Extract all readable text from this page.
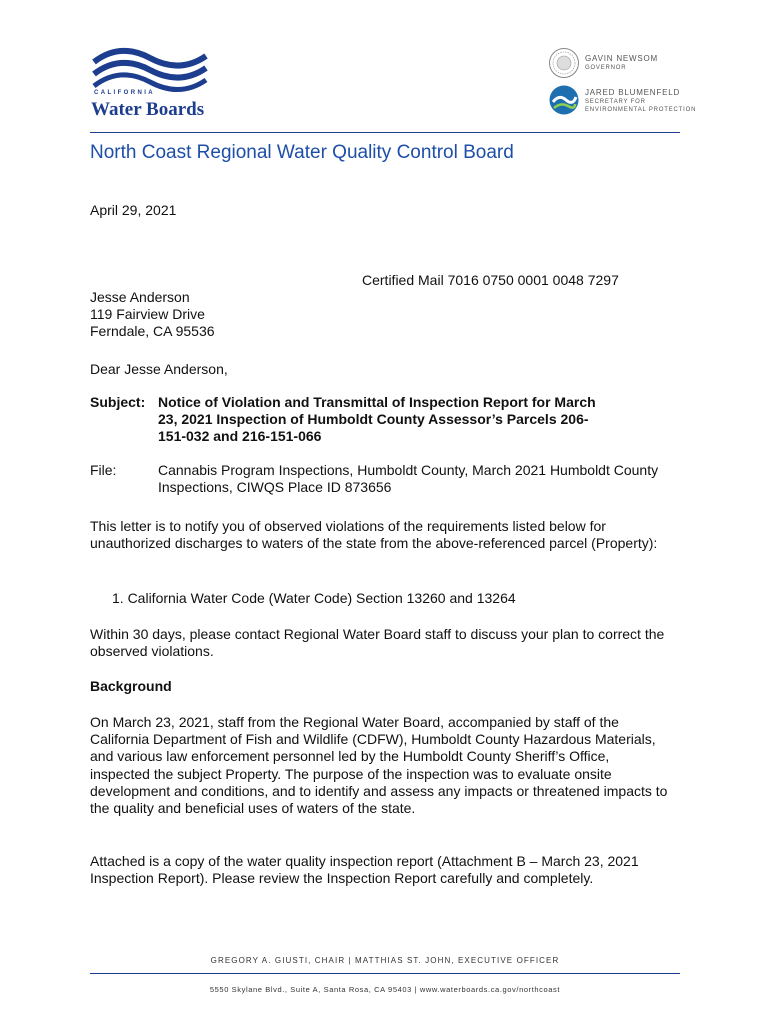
CALIFORNIA
Water Boards
GAVIN NEWSOM
GOVERNOR
JARED BLUMENFELD
SECRETARY FOR
ENVIRONMENTAL PROTECTION
North Coast Regional Water Quality Control Board
April 29, 2021
Certified Mail 7016 0750 0001 0048 7297
Jesse Anderson
119 Fairview Drive
Ferndale, CA 95536
Dear Jesse Anderson,
Subject: Notice of Violation and Transmittal of Inspection Report for March 23, 2021 Inspection of Humboldt County Assessor’s Parcels 206-151-032 and 216-151-066
File:	Cannabis Program Inspections, Humboldt County, March 2021 Humboldt County Inspections, CIWQS Place ID 873656
This letter is to notify you of observed violations of the requirements listed below for unauthorized discharges to waters of the state from the above-referenced parcel (Property):
1. California Water Code (Water Code) Section 13260 and 13264
Within 30 days, please contact Regional Water Board staff to discuss your plan to correct the observed violations.
Background
On March 23, 2021, staff from the Regional Water Board, accompanied by staff of the California Department of Fish and Wildlife (CDFW), Humboldt County Hazardous Materials, and various law enforcement personnel led by the Humboldt County Sheriff’s Office, inspected the subject Property. The purpose of the inspection was to evaluate onsite development and conditions, and to identify and assess any impacts or threatened impacts to the quality and beneficial uses of waters of the state.
Attached is a copy of the water quality inspection report (Attachment B – March 23, 2021 Inspection Report). Please review the Inspection Report carefully and completely.
GREGORY A. GIUSTI, CHAIR | MATTHIAS ST. JOHN, EXECUTIVE OFFICER
5550 Skylane Blvd., Suite A, Santa Rosa, CA 95403 | www.waterboards.ca.gov/northcoast
